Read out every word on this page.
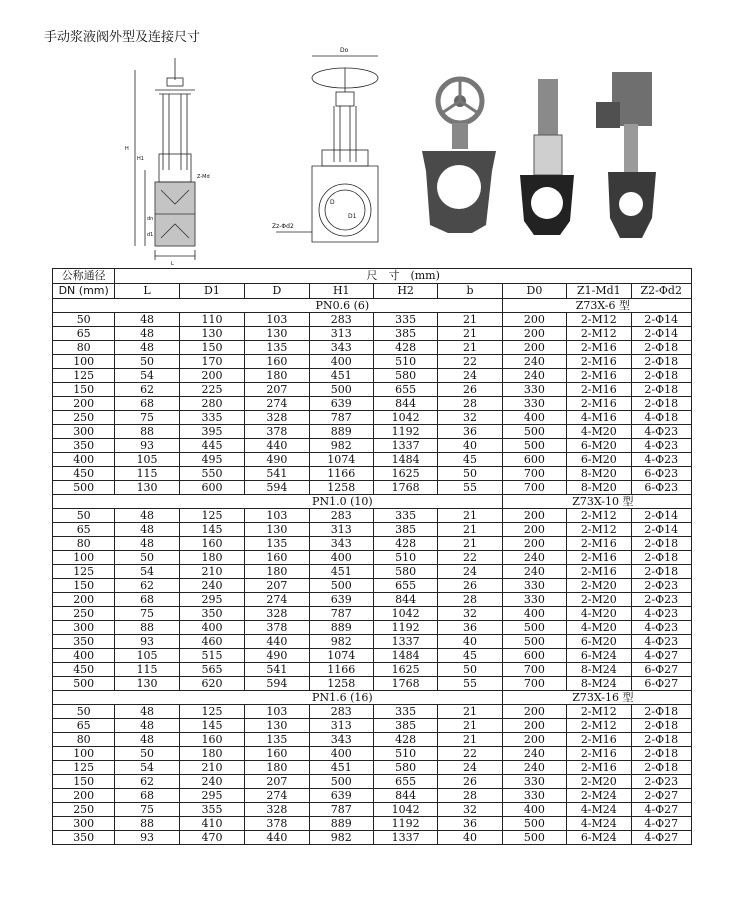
手动浆液阀外型及连接尺寸
L
H
H1
dn
Z-Md
d1
Do
D1
D
Zz-Φd2
公称通径	尺　寸　(mm)								
DN (mm)	L	D1	D	H1	H2	b	D0	Z1-Md1	Z2-Φd2
PN0.6 (6)							Z73X-6 型		
50	48	110	103	283	335	21	200	2-M12	2-Φ14
65	48	130	130	313	385	21	200	2-M12	2-Φ14
80	48	150	135	343	428	21	200	2-M16	2-Φ18
100	50	170	160	400	510	22	240	2-M16	2-Φ18
125	54	200	180	451	580	24	240	2-M16	2-Φ18
150	62	225	207	500	655	26	330	2-M16	2-Φ18
200	68	280	274	639	844	28	330	2-M16	2-Φ18
250	75	335	328	787	1042	32	400	4-M16	4-Φ18
300	88	395	378	889	1192	36	500	4-M20	4-Φ23
350	93	445	440	982	1337	40	500	6-M20	4-Φ23
400	105	495	490	1074	1484	45	600	6-M20	4-Φ23
450	115	550	541	1166	1625	50	700	8-M20	6-Φ23
500	130	600	594	1258	1768	55	700	8-M20	6-Φ23
PN1.0 (10)							Z73X-10 型		
50	48	125	103	283	335	21	200	2-M12	2-Φ14
65	48	145	130	313	385	21	200	2-M12	2-Φ14
80	48	160	135	343	428	21	200	2-M16	2-Φ18
100	50	180	160	400	510	22	240	2-M16	2-Φ18
125	54	210	180	451	580	24	240	2-M16	2-Φ18
150	62	240	207	500	655	26	330	2-M20	2-Φ23
200	68	295	274	639	844	28	330	2-M20	2-Φ23
250	75	350	328	787	1042	32	400	4-M20	4-Φ23
300	88	400	378	889	1192	36	500	4-M20	4-Φ23
350	93	460	440	982	1337	40	500	6-M20	4-Φ23
400	105	515	490	1074	1484	45	600	6-M24	4-Φ27
450	115	565	541	1166	1625	50	700	8-M24	6-Φ27
500	130	620	594	1258	1768	55	700	8-M24	6-Φ27
PN1.6 (16)							Z73X-16 型		
50	48	125	103	283	335	21	200	2-M12	2-Φ18
65	48	145	130	313	385	21	200	2-M12	2-Φ18
80	48	160	135	343	428	21	200	2-M16	2-Φ18
100	50	180	160	400	510	22	240	2-M16	2-Φ18
125	54	210	180	451	580	24	240	2-M16	2-Φ18
150	62	240	207	500	655	26	330	2-M20	2-Φ23
200	68	295	274	639	844	28	330	2-M24	2-Φ27
250	75	355	328	787	1042	32	400	4-M24	4-Φ27
300	88	410	378	889	1192	36	500	4-M24	4-Φ27
350	93	470	440	982	1337	40	500	6-M24	4-Φ27
